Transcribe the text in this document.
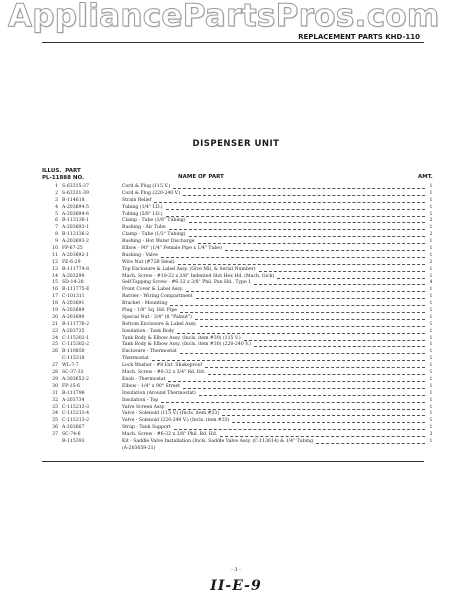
AppliancePartsPros.com
REPLACEMENT PARTS KHD-110
DISPENSER UNIT
ILLUS. PART
PL-11888 NO.	NAME OF PART	AMT.
1 S-63315-37	Cord & Plug (115 V.)	1
2 S-63331-39	Cord & Plug (220-240 V.)	1
3 B-114618	Strain Relief	1
4 A-203694-5	Tubing (1/4" I.D.)	1
5 A-203694-6	Tubing (5/8" I.D.)	1
6 B-113136-1	Clamp - Tube (3/8" Tubing)	2
7 A-203693-1	Bushing - Air Tube	1
8 B-113136-2	Clamp - Tube (1/2" Tubing)	2
9 A-203693-2	Bushing - Hot Water Discharge	1
10 FP-67-25	Elbow - 90° (1/4" Female Pipe x 1/4" Tube)	1
11 A-203692-1	Bushing - Valve	1
12 FE-6-29	Wire Nut (#72B Ideal)	2
13 B-111774-8	Top Enclosure & Label Assy. (Give Mil. & Serial Number)	1
14 A-203299	Mach. Screw - #10-32 x 3/8" Indented Slot Hex Hd. (Mach. Gick)	1
15 SD-14-28	Self-Tapping Screw - #6-32 x 3/8" Phil. Pan Hd., Type 1	4
16 B-111775-E	Front Cover & Label Assy.	1
17 C-101311	Barrier - Wiring Compartment	1
18 A-203691	Bracket - Mounting	1
19 A-203689	Plug - 1/8" Sq. Hd. Pipe	1
20 A-203690	Special Nut - 3/4" (8 "Palnut")	1
21 B-111776-2	Bottom Enclosure & Label Assy.	1
23 A-203735	Insulation - Tank Body	1
24 C-115302-1	Tank Body & Elbow Assy. (Incls. item #30) (115 V.)	1
25 C-115302-2	Tank Body & Elbow Assy. (Incls. item #30) (220-240 V.)	1
26 B-110850	Enclosure - Thermostat	1
C-115318	Thermostat	1
27 WL-7-7	Lock Washer - #8 Ext. Shakeproof	1
28 SC-37-33	Mach. Screw - #8-32 x 3/4" Rd. Hd.	1
29 A-303652-2	Knob - Thermostat	1
30 FP-15-6	Elbow - 1/4" x 90° Street	1
31 B-111796	Insulation (Around Thermostat)	1
32 A-203734	Insulation - Top	1
33 C-115213-3	Valve Screen Assy.	1
34 C-115213-4	Valve - Solenoid (115 V.) (Incls. item #33)	1
35 C-115213-2	Valve - Solenoid (220-240 V.) (Incls. item #33)	1
36 A-203667	Strap - Tank Support	1
37 SC-74-6	Mach. Screw - #6-32 x 3/8" Phil. Rd. Hd.	3
B-115393	Kit - Saddle Valve Installation (Incls. Saddle Valve Assy. (C-113614) & 1/4" Tubing	1
(A-203659-21)
- 3 -
II-E-9
